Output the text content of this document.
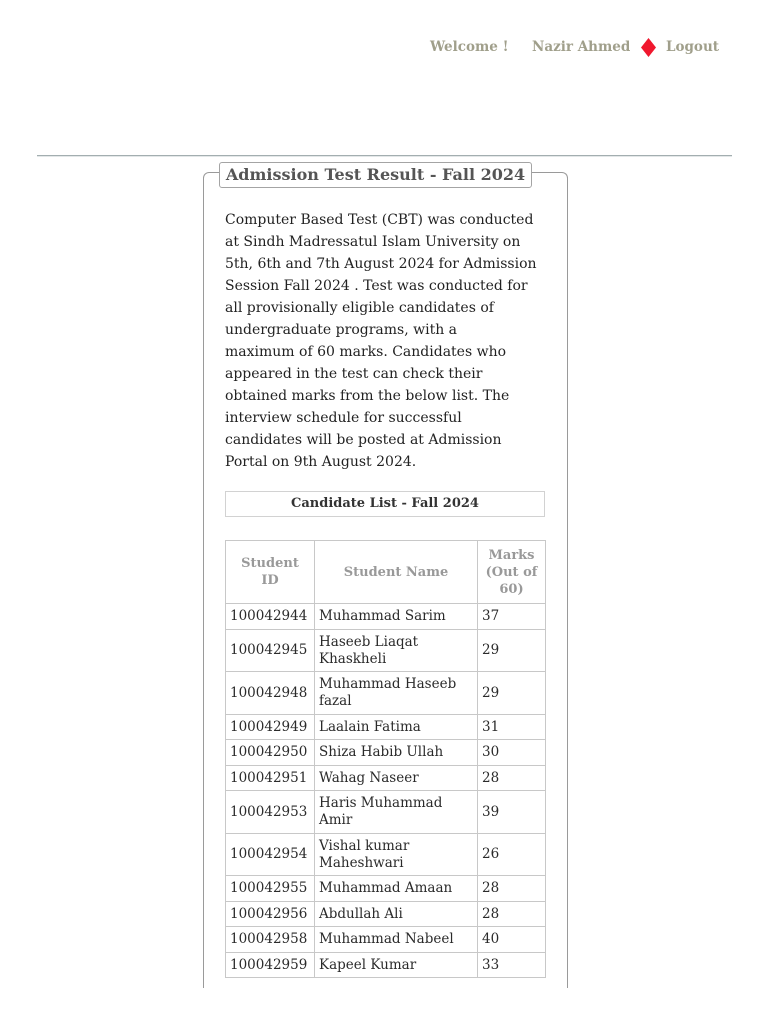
Welcome ! Nazir Ahmed	Logout
Admission Test Result - Fall 2024
Computer Based Test (CBT) was conducted
at Sindh Madressatul Islam University on
5th, 6th and 7th August 2024 for Admission
Session Fall 2024 . Test was conducted for
all provisionally eligible candidates of
undergraduate programs, with a
maximum of 60 marks. Candidates who
appeared in the test can check their
obtained marks from the below list. The
interview schedule for successful
candidates will be posted at Admission
Portal on 9th August 2024.
Candidate List - Fall 2024
Student ID	Student Name	Marks (Out of 60)
100042944	Muhammad Sarim	37
100042945	Haseeb Liaqat Khaskheli	29
100042948	Muhammad Haseeb fazal	29
100042949	Laalain Fatima	31
100042950	Shiza Habib Ullah	30
100042951	Wahag Naseer	28
100042953	Haris Muhammad Amir	39
100042954	Vishal kumar Maheshwari	26
100042955	Muhammad Amaan	28
100042956	Abdullah Ali	28
100042958	Muhammad Nabeel	40
100042959	Kapeel Kumar	33
